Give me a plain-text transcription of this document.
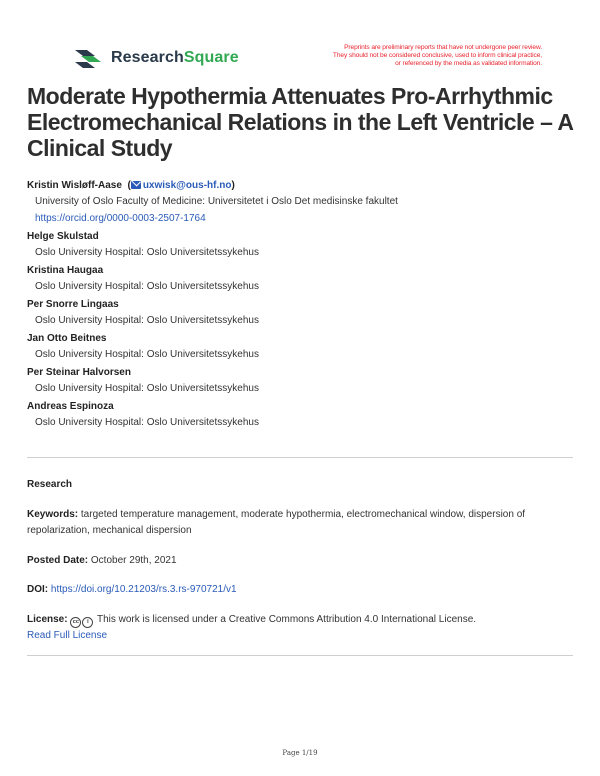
ResearchSquare
Preprints are preliminary reports that have not undergone peer review.
They should not be considered conclusive, used to inform clinical practice,
or referenced by the media as validated information.
Moderate Hypothermia Attenuates Pro-Arrhythmic Electromechanical Relations in the Left Ventricle – A Clinical Study
Kristin Wisløff-Aase  ( uxwisk@ous-hf.no)
University of Oslo Faculty of Medicine: Universitetet i Oslo Det medisinske fakultet
https://orcid.org/0000-0003-2507-1764
Helge Skulstad
Oslo University Hospital: Oslo Universitetssykehus
Kristina Haugaa
Oslo University Hospital: Oslo Universitetssykehus
Per Snorre Lingaas
Oslo University Hospital: Oslo Universitetssykehus
Jan Otto Beitnes
Oslo University Hospital: Oslo Universitetssykehus
Per Steinar Halvorsen
Oslo University Hospital: Oslo Universitetssykehus
Andreas Espinoza
Oslo University Hospital: Oslo Universitetssykehus
Research
Keywords: targeted temperature management, moderate hypothermia, electromechanical window, dispersion of repolarization, mechanical dispersion
Posted Date: October 29th, 2021
DOI: https://doi.org/10.21203/rs.3.rs-970721/v1
License: cc i This work is licensed under a Creative Commons Attribution 4.0 International License.
Read Full License
Page 1/19
